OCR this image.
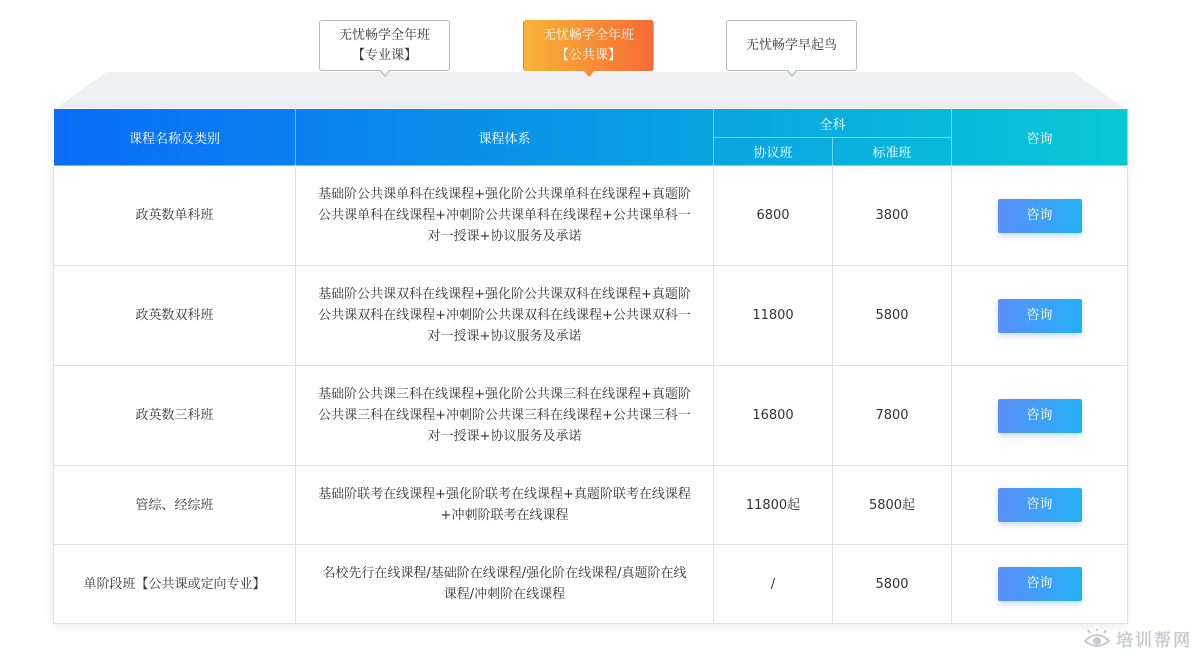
无忧畅学全年班
【专业课】
无忧畅学全年班
【公共课】
无忧畅学早起鸟
课程名称及类别	课程体系	全科		咨询
		协议班	标准班	
政英数单科班	基础阶公共课单科在线课程+强化阶公共课单科在线课程+真题阶公共课单科在线课程+冲刺阶公共课单科在线课程+公共课单科一对一授课+协议服务及承诺	6800	3800	咨询
政英数双科班	基础阶公共课双科在线课程+强化阶公共课双科在线课程+真题阶公共课双科在线课程+冲刺阶公共课双科在线课程+公共课双科一对一授课+协议服务及承诺	11800	5800	咨询
政英数三科班	基础阶公共课三科在线课程+强化阶公共课三科在线课程+真题阶公共课三科在线课程+冲刺阶公共课三科在线课程+公共课三科一对一授课+协议服务及承诺	16800	7800	咨询
管综、经综班	基础阶联考在线课程+强化阶联考在线课程+真题阶联考在线课程+冲刺阶联考在线课程	11800起	5800起	咨询
单阶段班【公共课或定向专业】	名校先行在线课程/基础阶在线课程/强化阶在线课程/真题阶在线课程/冲刺阶在线课程	/	5800	咨询
培训帮网
